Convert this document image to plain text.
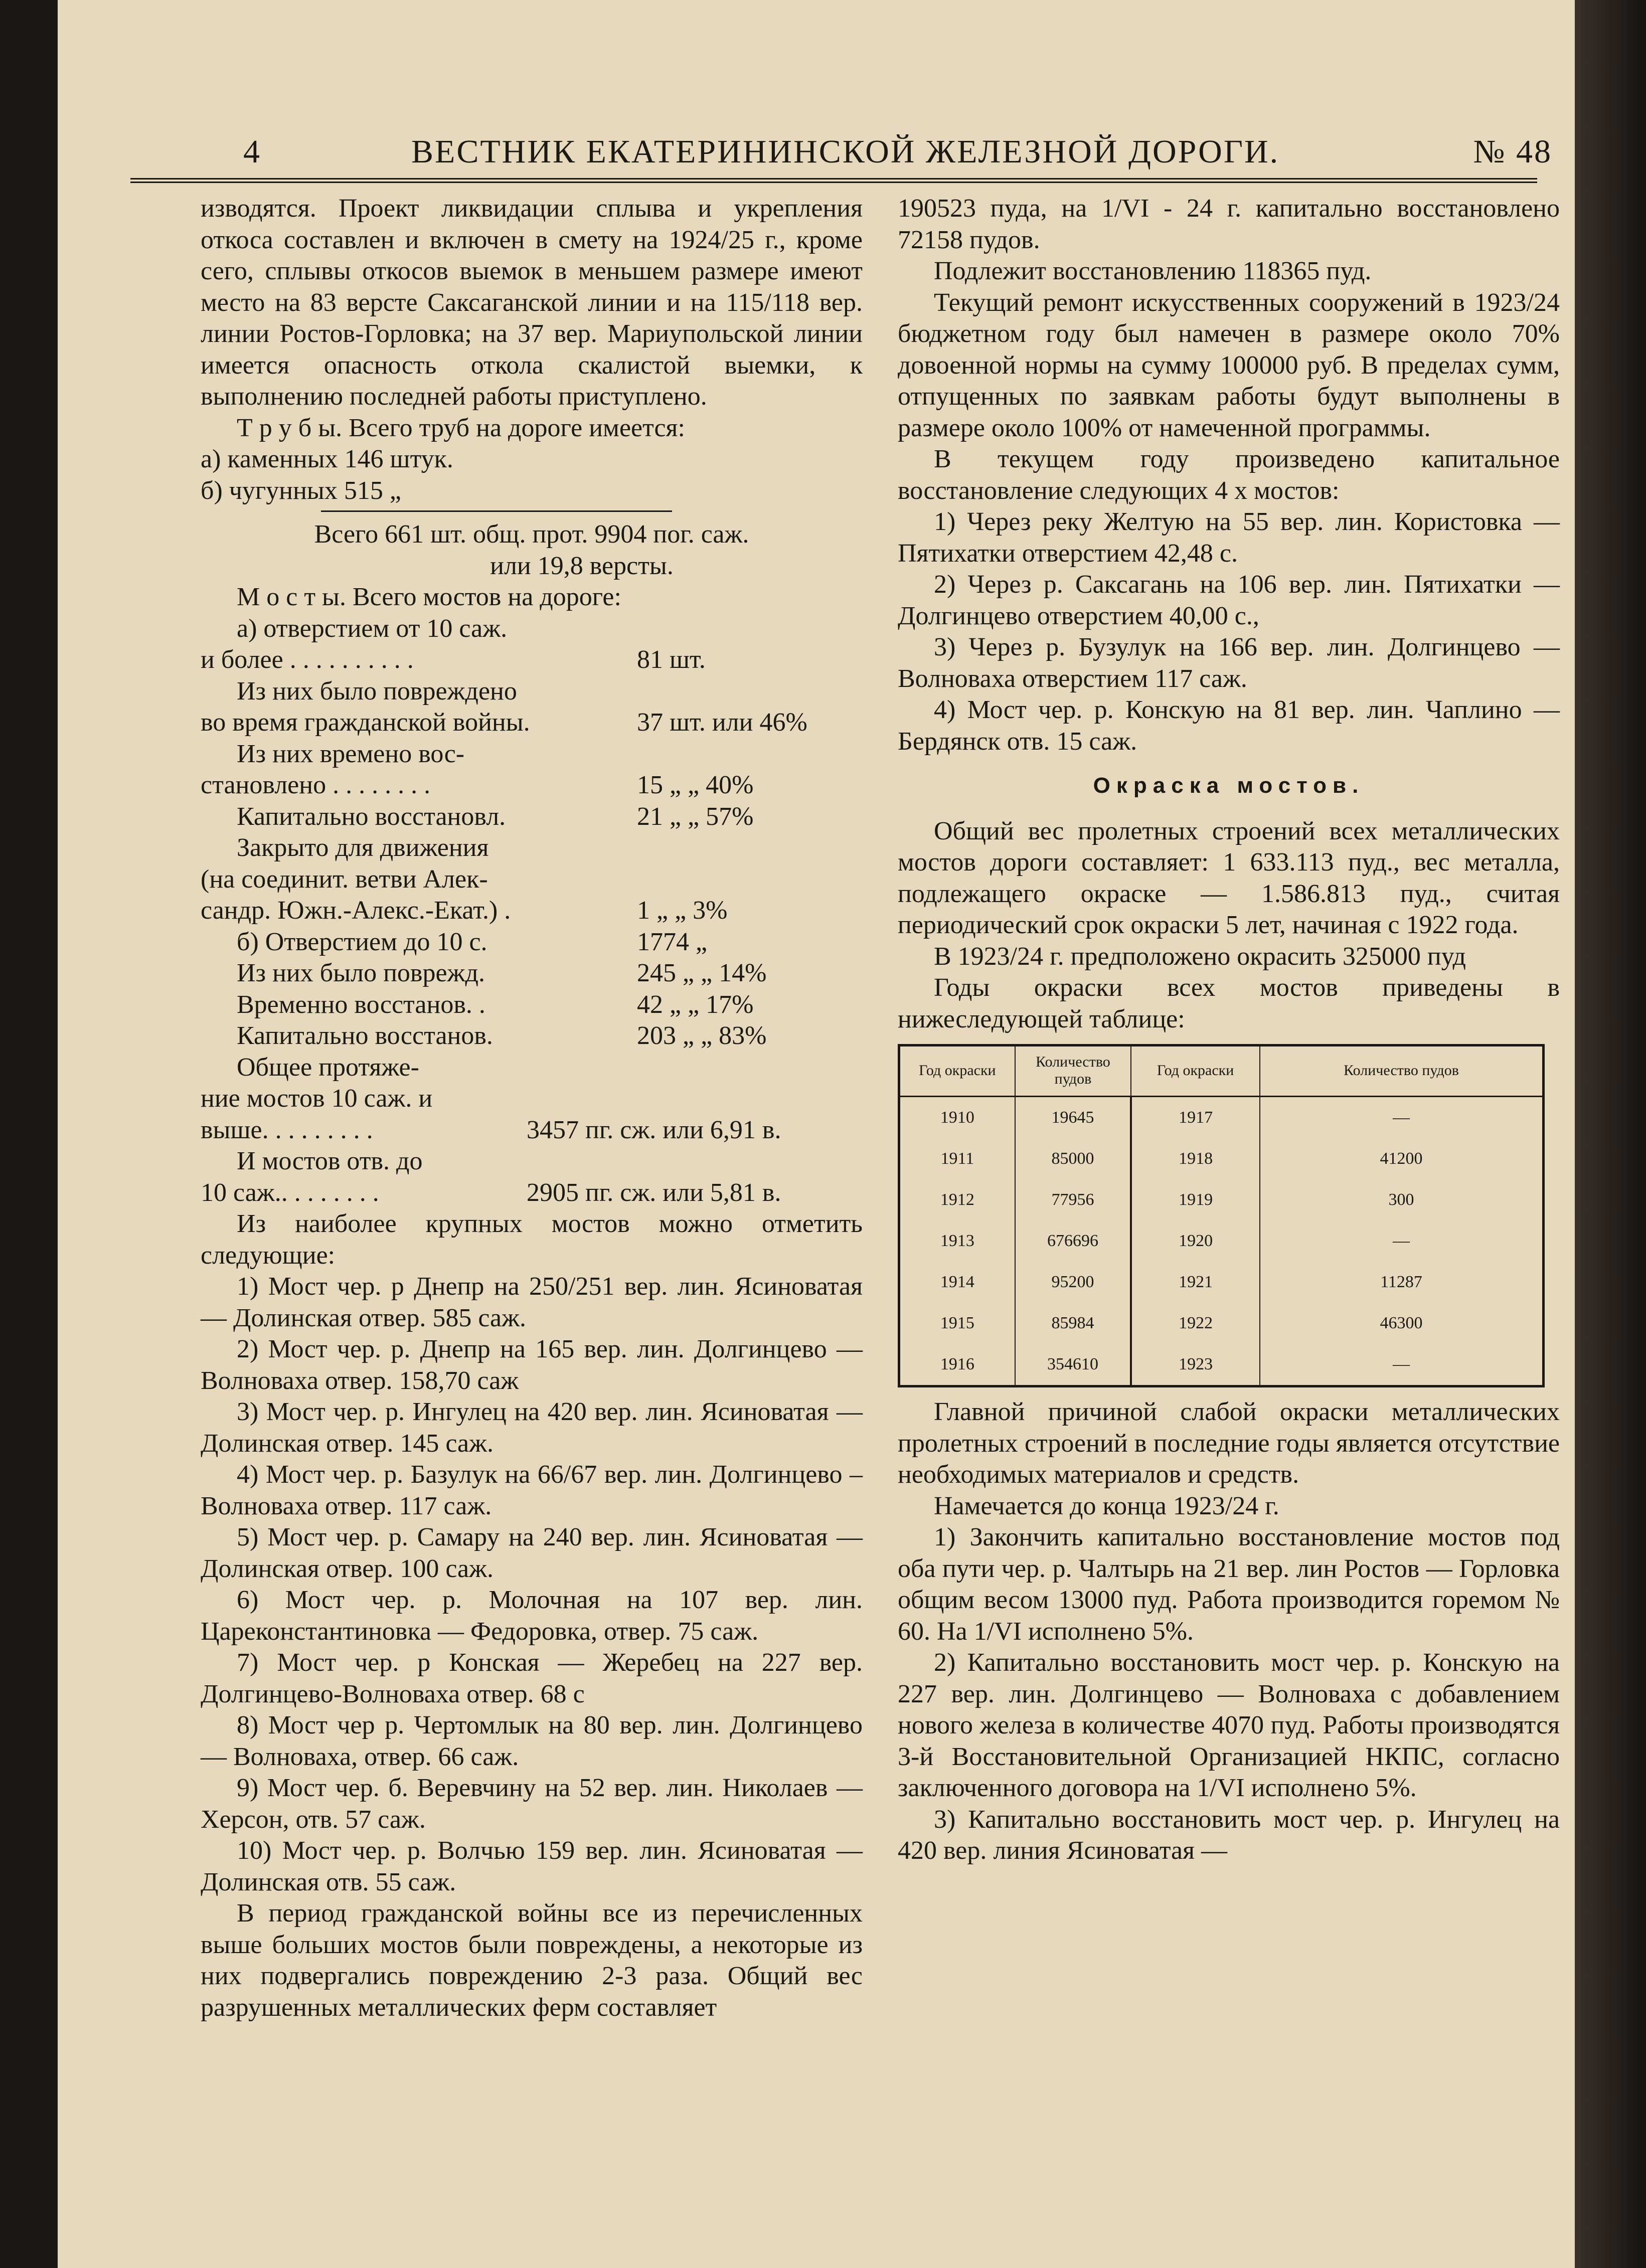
4	ВЕСТНИК ЕКАТЕРИНИНСКОЙ ЖЕЛЕЗНОЙ ДОРОГИ.	№ 48

изводятся. Проект ликвидации сплыва и укрепления откоса составлен и включен в смету на 1924/25 г., кроме сего, сплывы откосов выемок в меньшем размере имеют место на 83 версте Саксаганской линии и на 115/118 вер. линии Ростов-Горловка; на 37 вер. Мариупольской линии имеется опасность откола скалистой выемки, к выполнению последней работы приступлено.

Т р у б ы. Всего труб на дороге имеется:

а) каменных 146 штук.

б) чугунных 515 „

Всего 661 шт. общ. прот. 9904 пог. саж.

или 19,8 версты.

М о с т ы. Всего мостов на дороге:

а) отверстием от 10 саж.

и более . . . . . . . . . .	81 шт.

Из них было повреждено

во время гражданской войны.	37 шт. или 46%

Из них времено вос-

становлено . . . . . . . .	15 „ „ 40%
Капитально восстановл.	21 „ „ 57%

Закрыто для движения

(на соединит. ветви Алек-

сандр. Южн.-Алекс.-Екат.) .	1 „ „ 3%
б) Отверстием до 10 с.	1774 „
Из них было поврежд.	245 „ „ 14%
Временно восстанов. .	42 „ „ 17%
Капитально восстанов.	203 „ „ 83%

Общее протяже-

ние мостов 10 саж. и

выше. . . . . . . . .	3457 пг. сж. или 6,91 в.

И мостов отв. до

10 саж.. . . . . . . .	2905 пг. сж. или 5,81 в.

Из наиболее крупных мостов можно отметить следующие:

1) Мост чер. р Днепр на 250/251 вер. лин. Ясиноватая — Долинская отвер. 585 саж.

2) Мост чер. р. Днепр на 165 вер. лин. Долгинцево — Волноваха отвер. 158,70 саж

3) Мост чер. р. Ингулец на 420 вер. лин. Ясиноватая — Долинская отвер. 145 саж.

4) Мост чер. р. Базулук на 66/67 вер. лин. Долгинцево – Волноваха отвер. 117 саж.

5) Мост чер. р. Самару на 240 вер. лин. Ясиноватая — Долинская отвер. 100 саж.

6) Мост чер. р. Молочная на 107 вер. лин. Цареконстантиновка — Федоровка, отвер. 75 саж.

7) Мост чер. р Конская — Жеребец на 227 вер. Долгинцево-Волноваха отвер. 68 с

8) Мост чер р. Чертомлык на 80 вер. лин. Долгинцево — Волноваха, отвер. 66 саж.

9) Мост чер. б. Веревчину на 52 вер. лин. Николаев — Херсон, отв. 57 саж.

10) Мост чер. р. Волчью 159 вер. лин. Ясиноватая — Долинская отв. 55 саж.

В период гражданской войны все из перечисленных выше больших мостов были повреждены, а некоторые из них подвергались повреждению 2-3 раза. Общий вес разрушенных металлических ферм составляет

190523 пуда, на 1/VI - 24 г. капитально восстановлено 72158 пудов.

Подлежит восстановлению 118365 пуд.

Текущий ремонт искусственных сооружений в 1923/24 бюджетном году был намечен в размере около 70% довоенной нормы на сумму 100000 руб. В пределах сумм, отпущенных по заявкам работы будут выполнены в размере около 100% от намеченной программы.

В текущем году произведено капитальное восстановление следующих 4 х мостов:

1) Через реку Желтую на 55 вер. лин. Користовка — Пятихатки отверстием 42,48 с.

2) Через р. Саксагань на 106 вер. лин. Пятихатки — Долгинцево отверстием 40,00 с.,

3) Через р. Бузулук на 166 вер. лин. Долгинцево — Волноваха отверстием 117 саж.

4) Мост чер. р. Конскую на 81 вер. лин. Чаплино — Бердянск отв. 15 саж.

Окраска мостов.

Общий вес пролетных строений всех металлических мостов дороги составляет: 1 633.113 пуд., вес металла, подлежащего окраске — 1.586.813 пуд., считая периодический срок окраски 5 лет, начиная с 1922 года.

В 1923/24 г. предположено окрасить 325000 пуд

Годы окраски всех мостов приведены в нижеследующей таблице:

Год окраски	Количество пудов	Год окраски	Количество пудов
1910	19645	1917	—
1911	85000	1918	41200
1912	77956	1919	300
1913	676696	1920	—
1914	95200	1921	11287
1915	85984	1922	46300
1916	354610	1923	—

Главной причиной слабой окраски металлических пролетных строений в последние годы является отсутствие необходимых материалов и средств.

Намечается до конца 1923/24 г.

1) Закончить капитально восстановление мостов под оба пути чер. р. Чалтырь на 21 вер. лин Ростов — Горловка общим весом 13000 пуд. Работа производится горемом № 60. На 1/VI исполнено 5%.

2) Капитально восстановить мост чер. р. Конскую на 227 вер. лин. Долгинцево — Волноваха с добавлением нового железа в количестве 4070 пуд. Работы производятся 3-й Восстановительной Организацией НКПС, согласно заключенного договора на 1/VI исполнено 5%.

3) Капитально восстановить мост чер. р. Ингулец на 420 вер. линия Ясиноватая —
